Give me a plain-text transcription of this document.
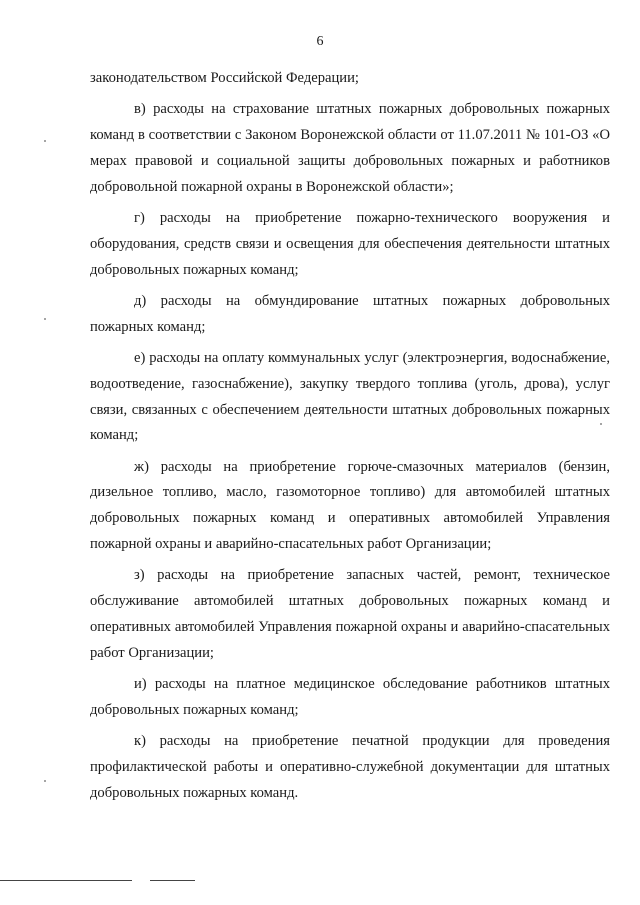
6

законодательством Российской Федерации;

в) расходы на страхование штатных пожарных добровольных пожарных команд в соответствии с Законом Воронежской области от 11.07.2011 № 101-ОЗ «О мерах правовой и социальной защиты добровольных пожарных и работников добровольной пожарной охраны в Воронежской области»;

г) расходы на приобретение пожарно-технического вооружения и оборудования, средств связи и освещения для обеспечения деятельности штатных добровольных пожарных команд;

д) расходы на обмундирование штатных пожарных добровольных пожарных команд;

е) расходы на оплату коммунальных услуг (электроэнергия, водоснабжение, водоотведение, газоснабжение), закупку твердого топлива (уголь, дрова), услуг связи, связанных с обеспечением деятельности штатных добровольных пожарных команд;

ж) расходы на приобретение горюче-смазочных материалов (бензин, дизельное топливо, масло, газомоторное топливо) для автомобилей штатных добровольных пожарных команд и оперативных автомобилей Управления пожарной охраны и аварийно-спасательных работ Организации;

з) расходы на приобретение запасных частей, ремонт, техническое обслуживание автомобилей штатных добровольных пожарных команд и оперативных автомобилей Управления пожарной охраны и аварийно-спасательных работ Организации;

и) расходы на платное медицинское обследование работников штатных добровольных пожарных команд;

к) расходы на приобретение печатной продукции для проведения профилактической работы и оперативно-служебной документации для штатных добровольных пожарных команд.
